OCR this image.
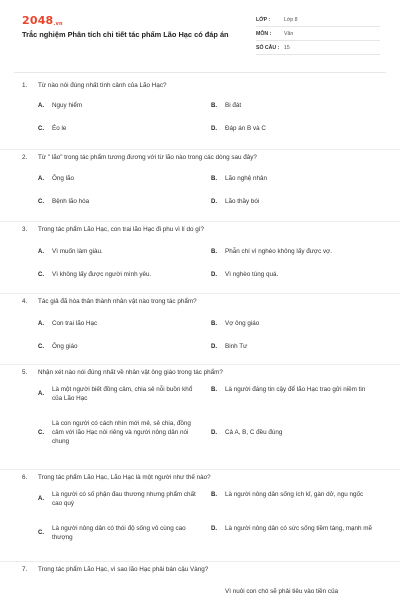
2048.vn
Trắc nghiệm Phân tích chi tiết tác phẩm Lão Hạc có đáp án
LỚP :	Lớp 8
MÔN :	Văn
SỐ CÂU : 15
1. Từ nào nói đúng nhất tình cảnh của Lão Hạc?
A.	Nguy hiểm	B.	Bi đát
C.	Éo le	D.	Đáp án B và C
2. Từ " lão" trong tác phẩm tương đương với từ lão nào trong các dòng sau đây?
A.	Ông lão	B.	Lão nghệ nhân
C.	Bệnh lão hóa	D.	Lão thầy bói
3. Trong tác phẩm Lão Hạc, con trai lão Hạc đi phu vì lí do gì?
A.	Vì muốn làm giàu.	B.	Phẫn chí vì nghèo không lấy được vợ.
C.	Vì không lấy được người mình yêu.	D.	Vì nghèo túng quá.
4. Tác giả đã hóa thân thành nhân vật nào trong tác phẩm?
A.	Con trai lão Hạc	B.	Vợ ông giáo
C.	Ông giáo	D.	Binh Tư
5. Nhận xét nào nói đúng nhất về nhân vật ông giáo trong tác phẩm?
A.
Là một người biết đồng cảm, chia sẻ nỗi buồn khổ của Lão Hạc
B.	Là người đáng tin cậy để lão Hạc trao gửi niềm tin
C.
Là con người có cách nhìn mới mẻ, sẻ chia, đồng cảm với lão Hạc nói riêng và người nông dân nói chung
D.	Cả A, B, C đều đúng
6. Trong tác phẩm Lão Hạc, Lão Hạc là một người như thế nào?
A.
Là người có số phận đau thương nhưng phẩm chất cao quý
B.	Là người nông dân sống ích kỉ, gàn dở, ngu ngốc
C.
Là người nông dân có thói độ sống vô cùng cao thượng
D.	Là người nông dân có sức sống tiềm tàng, mạnh mẽ
7. Trong tác phẩm Lão Hạc, vì sao lão Hạc phải bán cậu Vàng?
Vì nuôi con chó sẽ phải tiêu vào tiền của
